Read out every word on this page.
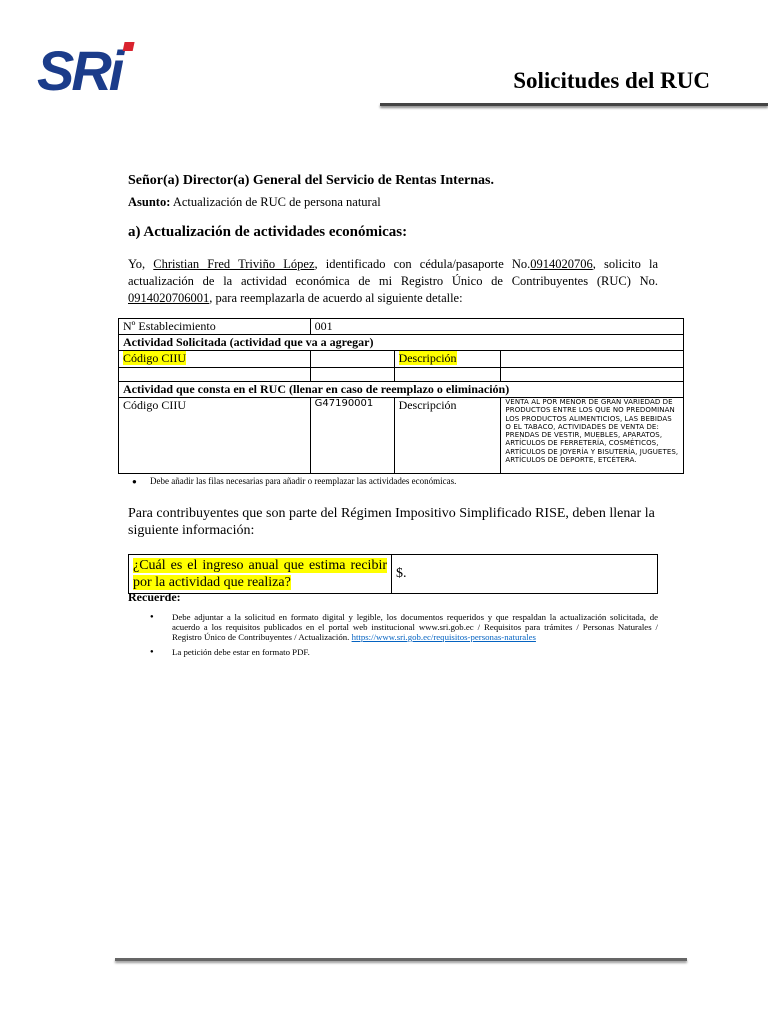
SRi	Solicitudes del RUC
Señor(a) Director(a) General del Servicio de Rentas Internas.
Asunto: Actualización de RUC de persona natural
a) Actualización de actividades económicas:
Yo, Christian Fred Triviño López, identificado con cédula/pasaporte No.0914020706, solicito la actualización de la actividad económica de mi Registro Único de Contribuyentes (RUC) No. 0914020706001, para reemplazarla de acuerdo al siguiente detalle:
Nº Establecimiento	001		
Actividad Solicitada (actividad que va a agregar)			
Código CIIU		Descripción	

Actividad que consta en el RUC (llenar en caso de reemplazo o eliminación)			
Código CIIU	G47190001	Descripción	VENTA AL POR MENOR DE GRAN VARIEDAD DE PRODUCTOS ENTRE LOS QUE NO PREDOMINAN LOS PRODUCTOS ALIMENTICIOS, LAS BEBIDAS O EL TABACO, ACTIVIDADES DE VENTA DE: PRENDAS DE VESTIR, MUEBLES, APARATOS, ARTÍCULOS DE FERRETERÍA, COSMÉTICOS, ARTÍCULOS DE JOYERÍA Y BISUTERÍA, JUGUETES, ARTÍCULOS DE DEPORTE, ETCÉTERA.
● Debe añadir las filas necesarias para añadir o reemplazar las actividades económicas.
Para contribuyentes que son parte del Régimen Impositivo Simplificado RISE, deben llenar la siguiente información:
¿Cuál es el ingreso anual que estima recibir por la actividad que realiza?	$.
Recuerde:
● Debe adjuntar a la solicitud en formato digital y legible, los documentos requeridos y que respaldan la actualización solicitada, de acuerdo a los requisitos publicados en el portal web institucional www.sri.gob.ec / Requisitos para trámites / Personas Naturales / Registro Único de Contribuyentes / Actualización. https://www.sri.gob.ec/requisitos-personas-naturales
● La petición debe estar en formato PDF.
